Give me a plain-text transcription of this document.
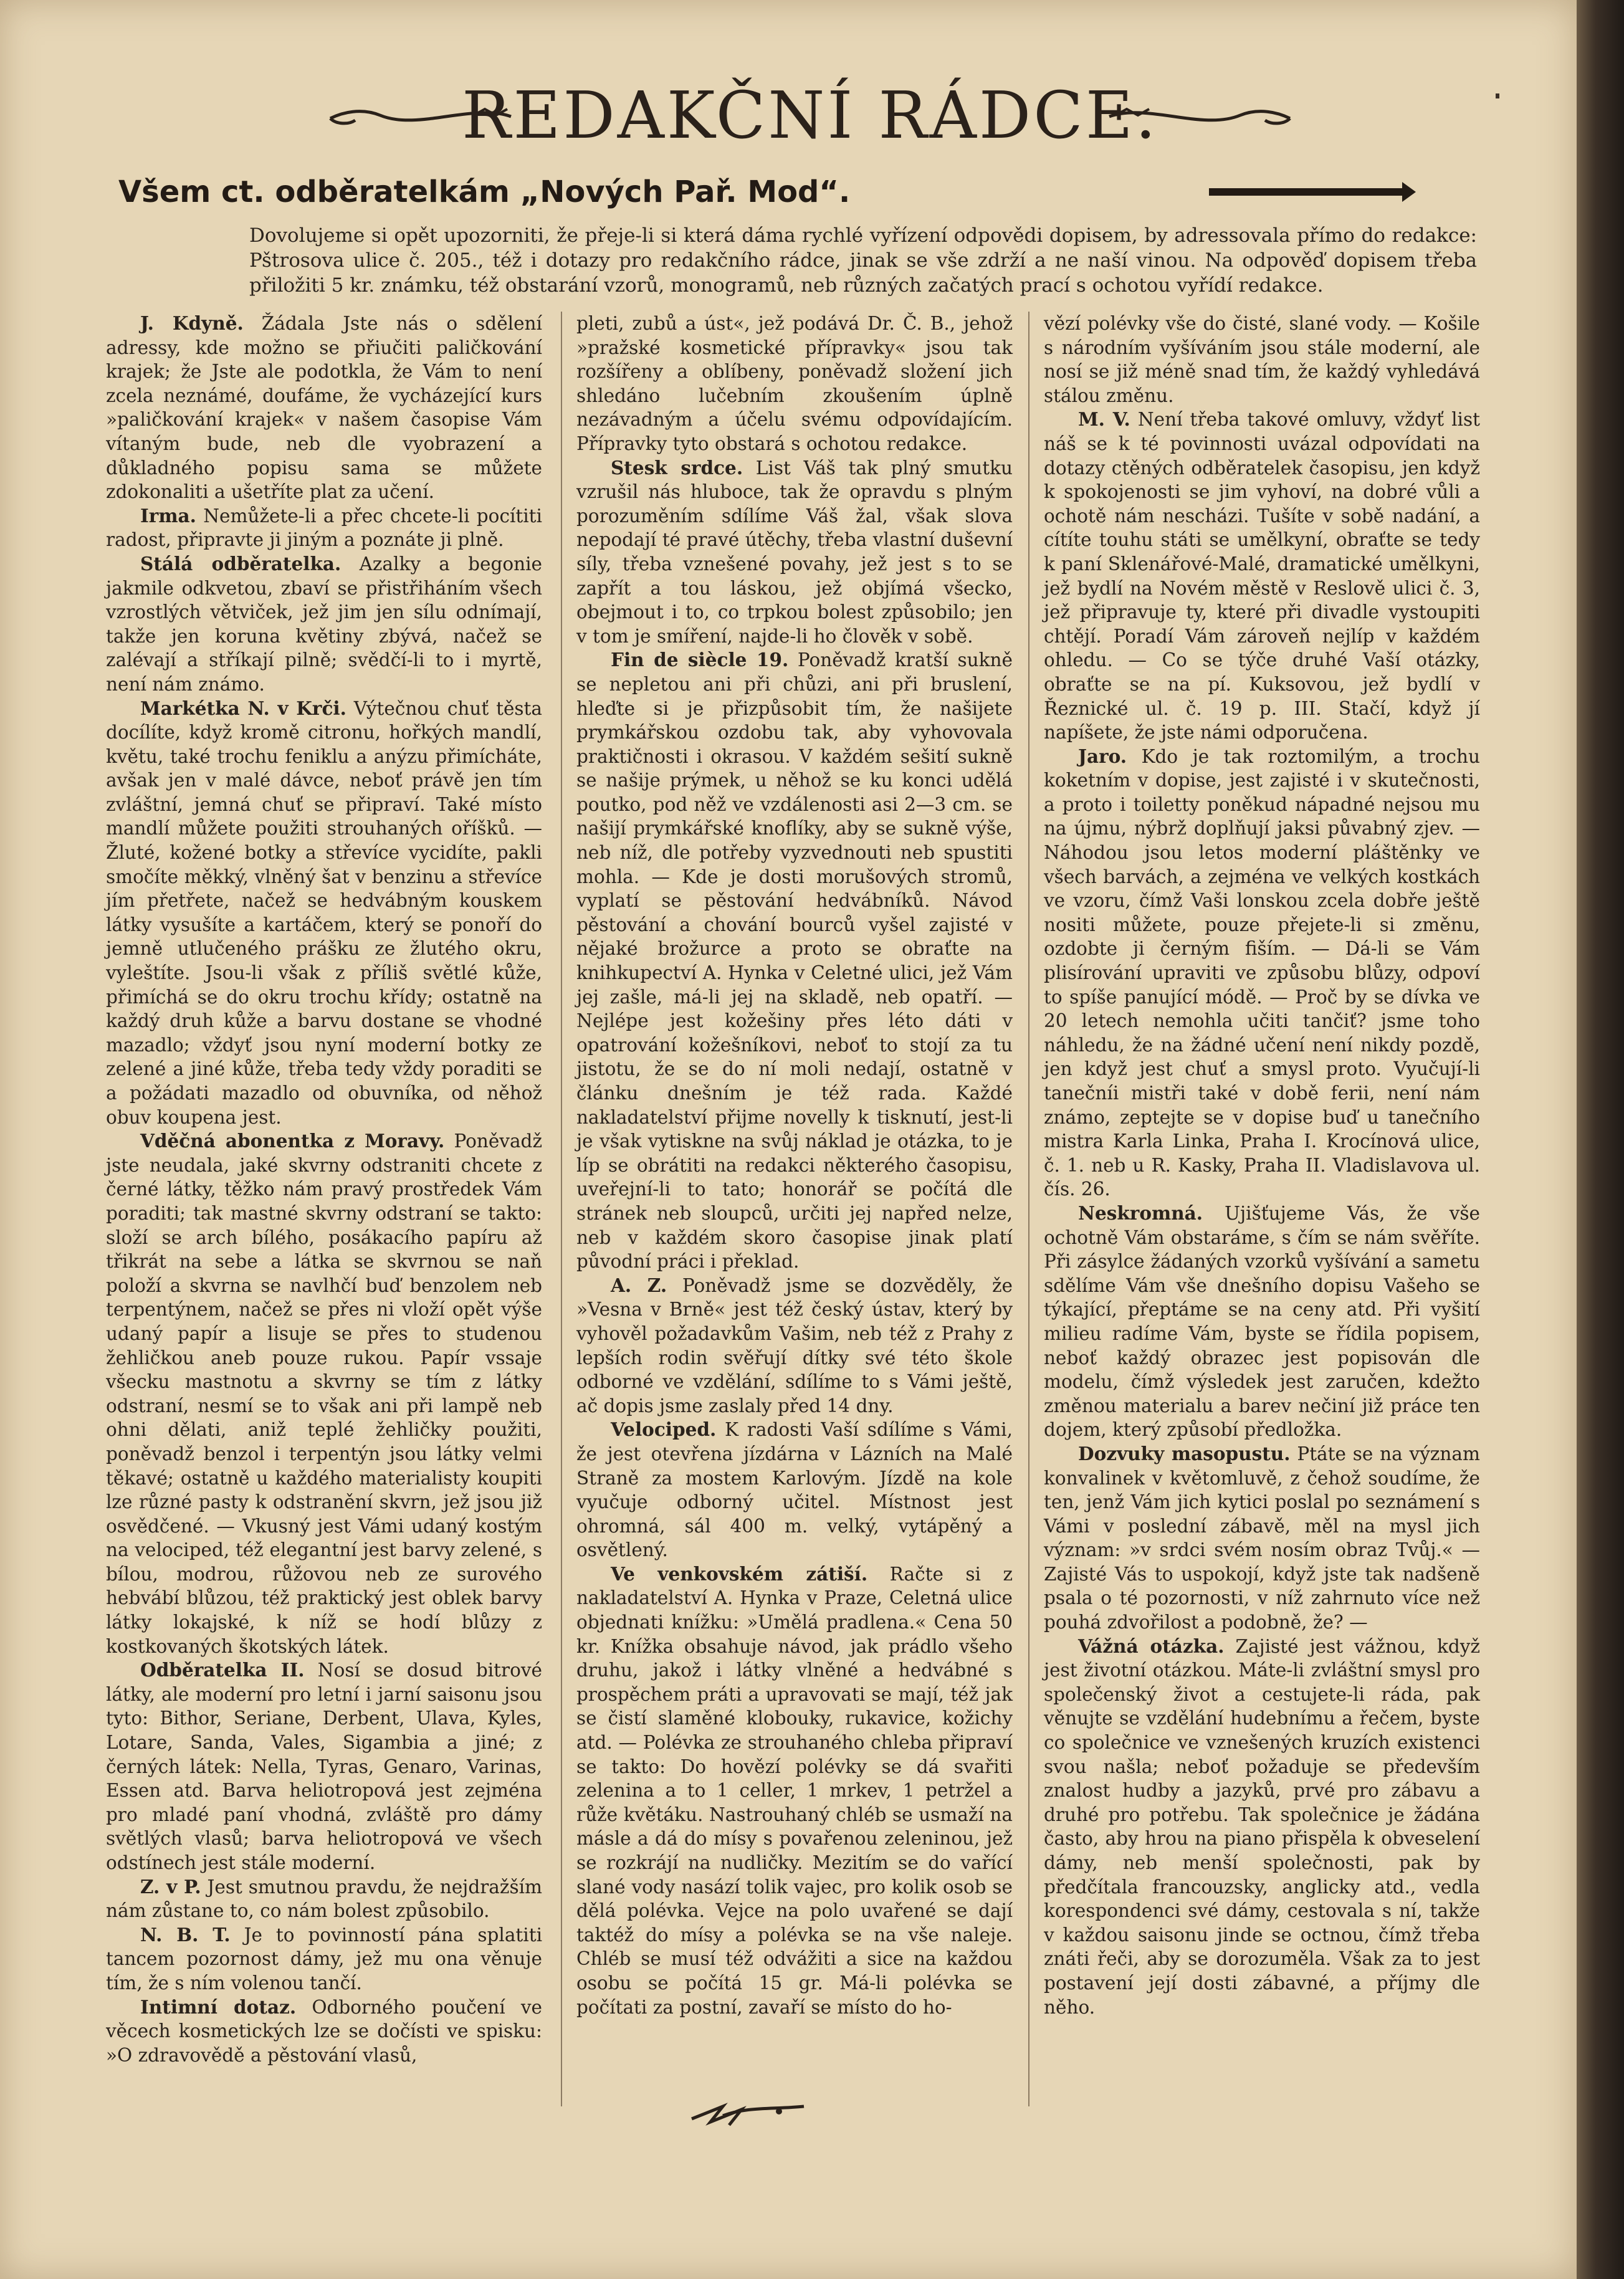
REDAKČNÍ RÁDCE.
Všem ct. odběratelkám „Nových Pař. Mod“.
Dovolujeme si opět upozorniti, že přeje-li si která dáma rychlé vyřízení odpovědi dopisem, by adressovala přímo do redakce: Pštrosova ulice č. 205., též i dotazy pro redakčního rádce, jinak se vše zdrží a ne naší vinou. Na odpověď dopisem třeba přiložiti 5 kr. známku, též obstarání vzorů, monogramů, neb různých začatých prací s ochotou vyřídí redakce.

J. Kdyně. Žádala Jste nás o sdělení adressy, kde možno se přiučiti paličkování krajek; že Jste ale podotkla, že Vám to není zcela neznámé, doufáme, že vycházející kurs »paličkování krajek« v našem časopise Vám vítaným bude, neb dle vyobrazení a důkladného popisu sama se můžete zdokonaliti a ušetříte plat za učení.

Irma. Nemůžete-li a přec chcete-li pocítiti radost, připravte ji jiným a poznáte ji plně.

Stálá odběratelka. Azalky a begonie jakmile odkvetou, zbaví se přistřiháním všech vzrostlých větviček, jež jim jen sílu odnímají, takže jen koruna květiny zbývá, načež se zalévají a stříkají pilně; svědčí-li to i myrtě, není nám známo.

Markétka N. v Krči. Výtečnou chuť těsta docílíte, když kromě citronu, hořkých mandlí, květu, také trochu feniklu a anýzu přimícháte, avšak jen v malé dávce, neboť právě jen tím zvláštní, jemná chuť se připraví. Také místo mandlí můžete použiti strouhaných oříšků. — Žluté, kožené botky a střevíce vycidíte, pakli smočíte měkký, vlněný šat v benzinu a střevíce jím přetřete, načež se hedvábným kouskem látky vysušíte a kartáčem, který se ponoří do jemně utlučeného prášku ze žlutého okru, vyleštíte. Jsou-li však z příliš světlé kůže, přimíchá se do okru trochu křídy; ostatně na každý druh kůže a barvu dostane se vhodné mazadlo; vždyť jsou nyní moderní botky ze zelené a jiné kůže, třeba tedy vždy poraditi se a požádati mazadlo od obuvníka, od něhož obuv koupena jest.

Vděčná abonentka z Moravy. Poněvadž jste neudala, jaké skvrny odstraniti chcete z černé látky, těžko nám pravý prostředek Vám poraditi; tak mastné skvrny odstraní se takto: složí se arch bílého, posákacího papíru až třikrát na sebe a látka se skvrnou se naň položí a skvrna se navlhčí buď benzolem neb terpentýnem, načež se přes ni vloží opět výše udaný papír a lisuje se přes to studenou žehličkou aneb pouze rukou. Papír vssaje všecku mastnotu a skvrny se tím z látky odstraní, nesmí se to však ani při lampě neb ohni dělati, aniž teplé žehličky použiti, poněvadž benzol i terpentýn jsou látky velmi těkavé; ostatně u každého materialisty koupiti lze různé pasty k odstranění skvrn, jež jsou již osvědčené. — Vkusný jest Vámi udaný kostým na velociped, též elegantní jest barvy zelené, s bílou, modrou, růžovou neb ze surového hebvábí blůzou, též praktický jest oblek barvy látky lokajské, k níž se hodí blůzy z kostkovaných škotských látek.

Odběratelka II. Nosí se dosud bitrové látky, ale moderní pro letní i jarní saisonu jsou tyto: Bithor, Seriane, Derbent, Ulava, Kyles, Lotare, Sanda, Vales, Sigambia a jiné; z černých látek: Nella, Tyras, Genaro, Varinas, Essen atd. Barva heliotropová jest zejména pro mladé paní vhodná, zvláště pro dámy světlých vlasů; barva heliotropová ve všech odstínech jest stále moderní.

Z. v P. Jest smutnou pravdu, že nejdražším nám zůstane to, co nám bolest způsobilo.

N. B. T. Je to povinností pána splatiti tancem pozornost dámy, jež mu ona věnuje tím, že s ním volenou tančí.

Intimní dotaz. Odborného poučení ve věcech kosmetických lze se dočísti ve spisku: »O zdravovědě a pěstování vlasů,

pleti, zubů a úst«, jež podává Dr. Č. B., jehož »pražské kosmetické přípravky« jsou tak rozšířeny a oblíbeny, poněvadž složení jich shledáno lučebním zkoušením úplně nezávadným a účelu svému odpovídajícím. Přípravky tyto obstará s ochotou redakce.

Stesk srdce. List Váš tak plný smutku vzrušil nás hluboce, tak že opravdu s plným porozuměním sdílíme Váš žal, však slova nepodají té pravé útěchy, třeba vlastní duševní síly, třeba vznešené povahy, jež jest s to se zapřít a tou láskou, jež objímá všecko, obejmout i to, co trpkou bolest způsobilo; jen v tom je smíření, najde-li ho člověk v sobě.

Fin de siècle 19. Poněvadž kratší sukně se nepletou ani při chůzi, ani při bruslení, hleďte si je přizpůsobit tím, že našijete prymkářskou ozdobu tak, aby vyhovovala praktičnosti i okrasou. V každém sešití sukně se našije prýmek, u něhož se ku konci udělá poutko, pod něž ve vzdálenosti asi 2—3 cm. se našijí prymkářské knoflíky, aby se sukně výše, neb níž, dle potřeby vyzvednouti neb spustiti mohla. — Kde je dosti morušových stromů, vyplatí se pěstování hedvábníků. Návod pěstování a chování bourců vyšel zajisté v nějaké brožurce a proto se obraťte na knihkupectví A. Hynka v Celetné ulici, jež Vám jej zašle, má-li jej na skladě, neb opatří. — Nejlépe jest kožešiny přes léto dáti v opatrování kožešníkovi, neboť to stojí za tu jistotu, že se do ní moli nedají, ostatně v článku dnešním je též rada. Každé nakladatelství přijme novelly k tisknutí, jest-li je však vytiskne na svůj náklad je otázka, to je líp se obrátiti na redakci některého časopisu, uveřejní-li to tato; honorář se počítá dle stránek neb sloupců, určiti jej napřed nelze, neb v každém skoro časopise jinak platí původní práci i překlad.

A. Z. Poněvadž jsme se dozvěděly, že »Vesna v Brně« jest též český ústav, který by vyhověl požadavkům Vašim, neb též z Prahy z lepších rodin svěřují dítky své této škole odborné ve vzdělání, sdílíme to s Vámi ještě, ač dopis jsme zaslaly před 14 dny.

Velociped. K radosti Vaší sdílíme s Vámi, že jest otevřena jízdárna v Lázních na Malé Straně za mostem Karlovým. Jízdě na kole vyučuje odborný učitel. Místnost jest ohromná, sál 400 m. velký, vytápěný a osvětlený.

Ve venkovském zátiší. Račte si z nakladatelství A. Hynka v Praze, Celetná ulice objednati knížku: »Umělá pradlena.« Cena 50 kr. Knížka obsahuje návod, jak prádlo všeho druhu, jakož i látky vlněné a hedvábné s prospěchem práti a upravovati se mají, též jak se čistí slaměné klobouky, rukavice, kožichy atd. — Polévka ze strouhaného chleba připraví se takto: Do hovězí polévky se dá svařiti zelenina a to 1 celler, 1 mrkev, 1 petržel a růže květáku. Nastrouhaný chléb se usmaží na másle a dá do mísy s povařenou zeleninou, jež se rozkrájí na nudličky. Mezitím se do vařící slané vody nasází tolik vajec, pro kolik osob se dělá polévka. Vejce na polo uvařené se dají taktéž do mísy a polévka se na vše naleje. Chléb se musí též odvážiti a sice na každou osobu se počítá 15 gr. Má-li polévka se počítati za postní, zavaří se místo do ho-

vězí polévky vše do čisté, slané vody. — Košile s národním vyšíváním jsou stále moderní, ale nosí se již méně snad tím, že každý vyhledává stálou změnu.

M. V. Není třeba takové omluvy, vždyť list náš se k té povinnosti uvázal odpovídati na dotazy ctěných odběratelek časopisu, jen když k spokojenosti se jim vyhoví, na dobré vůli a ochotě nám nescházi. Tušíte v sobě nadání, a cítíte touhu státi se umělkyní, obraťte se tedy k paní Sklenářové-Malé, dramatické umělkyni, jež bydlí na Novém městě v Reslově ulici č. 3, jež připravuje ty, které při divadle vystoupiti chtějí. Poradí Vám zároveň nejlíp v každém ohledu. — Co se týče druhé Vaší otázky, obraťte se na pí. Kuksovou, jež bydlí v Řeznické ul. č. 19 p. III. Stačí, když jí napíšete, že jste námi odporučena.

Jaro. Kdo je tak roztomilým, a trochu koketním v dopise, jest zajisté i v skutečnosti, a proto i toiletty poněkud nápadné nejsou mu na újmu, nýbrž doplňují jaksi půvabný zjev. — Náhodou jsou letos moderní pláštěnky ve všech barvách, a zejména ve velkých kostkách ve vzoru, čímž Vaši lonskou zcela dobře ještě nositi můžete, pouze přejete-li si změnu, ozdobte ji černým fiším. — Dá-li se Vám plisírování upraviti ve způsobu blůzy, odpoví to spíše panující módě. — Proč by se dívka ve 20 letech nemohla učiti tančiť? jsme toho náhledu, že na žádné učení není nikdy pozdě, jen když jest chuť a smysl proto. Vyučují-li tanečníi mistři také v době ferii, není nám známo, zeptejte se v dopise buď u tanečního mistra Karla Linka, Praha I. Krocínová ulice, č. 1. neb u R. Kasky, Praha II. Vladislavova ul. čís. 26.

Neskromná. Ujišťujeme Vás, že vše ochotně Vám obstaráme, s čím se nám svěříte. Při zásylce žádaných vzorků vyšívání a sametu sdělíme Vám vše dnešního dopisu Vašeho se týkající, přeptáme se na ceny atd. Při vyšití milieu radíme Vám, byste se řídila popisem, neboť každý obrazec jest popisován dle modelu, čímž výsledek jest zaručen, kdežto změnou materialu a barev nečiní již práce ten dojem, který způsobí předložka.

Dozvuky masopustu. Ptáte se na význam konvalinek v květomluvě, z čehož soudíme, že ten, jenž Vám jich kytici poslal po seznámení s Vámi v poslední zábavě, měl na mysl jich význam: »v srdci svém nosím obraz Tvůj.« — Zajisté Vás to uspokojí, když jste tak nadšeně psala o té pozornosti, v níž zahrnuto více než pouhá zdvořilost a podobně, že? —

Vážná otázka. Zajisté jest vážnou, když jest životní otázkou. Máte-li zvláštní smysl pro společenský život a cestujete-li ráda, pak věnujte se vzdělání hudebnímu a řečem, byste co společnice ve vznešených kruzích existenci svou našla; neboť požaduje se především znalost hudby a jazyků, prvé pro zábavu a druhé pro potřebu. Tak společnice je žádána často, aby hrou na piano přispěla k obveselení dámy, neb menší společnosti, pak by předčítala francouzsky, anglicky atd., vedla korespondenci své dámy, cestovala s ní, takže v každou saisonu jinde se octnou, čímž třeba znáti řeči, aby se dorozuměla. Však za to jest postavení její dosti zábavné, a příjmy dle něho.
